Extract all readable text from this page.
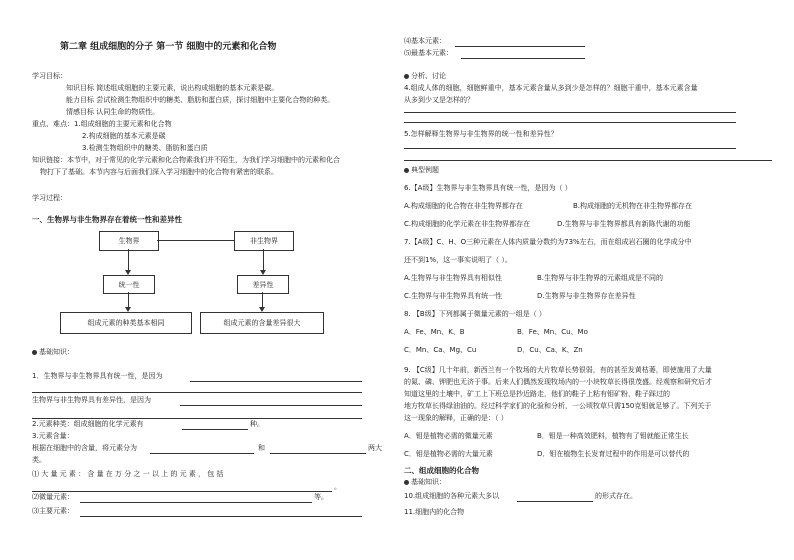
第二章 组成细胞的分子 第一节 细胞中的元素和化合物
学习目标：
知识目标 简述组成细胞的主要元素，说出构成细胞的基本元素是碳。
能力目标 尝试检测生物组织中的糖类、脂肪和蛋白质，探讨细胞中主要化合物的种类。
情感目标 认同生命的物质性。
重点、难点：1.组成细胞的主要元素和化合物
2.构成细胞的基本元素是碳
3.检测生物组织中的糖类、脂肪和蛋白质
知识链接：本节中，对于常见的化学元素和化合物素我们并不陌生，为我们学习细胞中的元素和化合
物打下了基础。本节内容与后面我们深入学习细胞中的化合物有紧密的联系。
学习过程：
一、生物界与非生物界存在着统一性和差异性
生物界	非生物界
统一性	差异性
组成元素的种类基本相同	组成元素的含量差异很大
基础知识：
1．生物界与非生物界具有统一性，是因为
生物界与非生物界具有差异性，是因为
2.元素种类：组成细胞的化学元素有	种。
3.元素含量：
根据在细胞中的含量，将元素分为	和	两大
类。
⑴ 大 量 元 素 ： 含 量 在 万 分 之 一 以 上 的 元 素 ， 包 括
。
⑵微量元素：	等。
⑶主要元素：
⑷基本元素：
⑸最基本元素：
分析、讨论
4.组成人体的细胞，细胞鲜重中，基本元素含量从多到少是怎样的？细胞干重中，基本元素含量
从多到少又是怎样的？
5.怎样解释生物界与非生物界的统一性和差异性？
典型例题
6.【A级】生物界与非生物界具有统一性，是因为（ ）
A.构成细胞的化合物在非生物界都存在	B.构成细胞的无机物在非生物界都存在
C.构成细胞的化学元素在非生物界都存在	D.生物界与非生物界都具有新陈代谢的功能
7.【A级】C、H、O三种元素在人体内质量分数约为73%左右，而在组成岩石圈的化学成分中
还不到1%，这一事实说明了（ ）。
A.生物界与非生物界具有相似性	B.生物界与非生物界的元素组成是不同的
C.生物界与非生物界具有统一性	D.生物界与非生物界存在差异性
8. 【B级】下列都属于微量元素的一组是（ ）
A．Fe、Mn、K、B	B．Fe、Mn、Cu、Mo
C．Mn、Ca、Mg、Cu	D．Cu、Ca、K、Zn
9. 【C级】几十年前，新西兰有一个牧场的大片牧草长势很弱，有的甚至发黄枯萎，即使施用了大量
的氮、磷、钾肥也无济于事。后来人们偶然发现牧场内的一小块牧草长得很茂盛。经观察和研究后才
知道这里的土壤中，矿工上下班总是抄近路走，他们的鞋子上粘有钼矿粉，鞋子踩过的
地方牧草长得绿油油的。经过科学家们的化验和分析，一公顷牧草只需150克钼就足够了。下列关于
这一现象的解释，正确的是：（ ）
A．钼是植物必需的微量元素	B．钼是一种高效肥料，植物有了钼就能正常生长
C．钼是植物必需的大量元素	D．钼在植物生长发育过程中的作用是可以替代的
二、组成细胞的化合物
基础知识：
10.组成细胞的各种元素大多以	的形式存在。
11.细胞内的化合物
